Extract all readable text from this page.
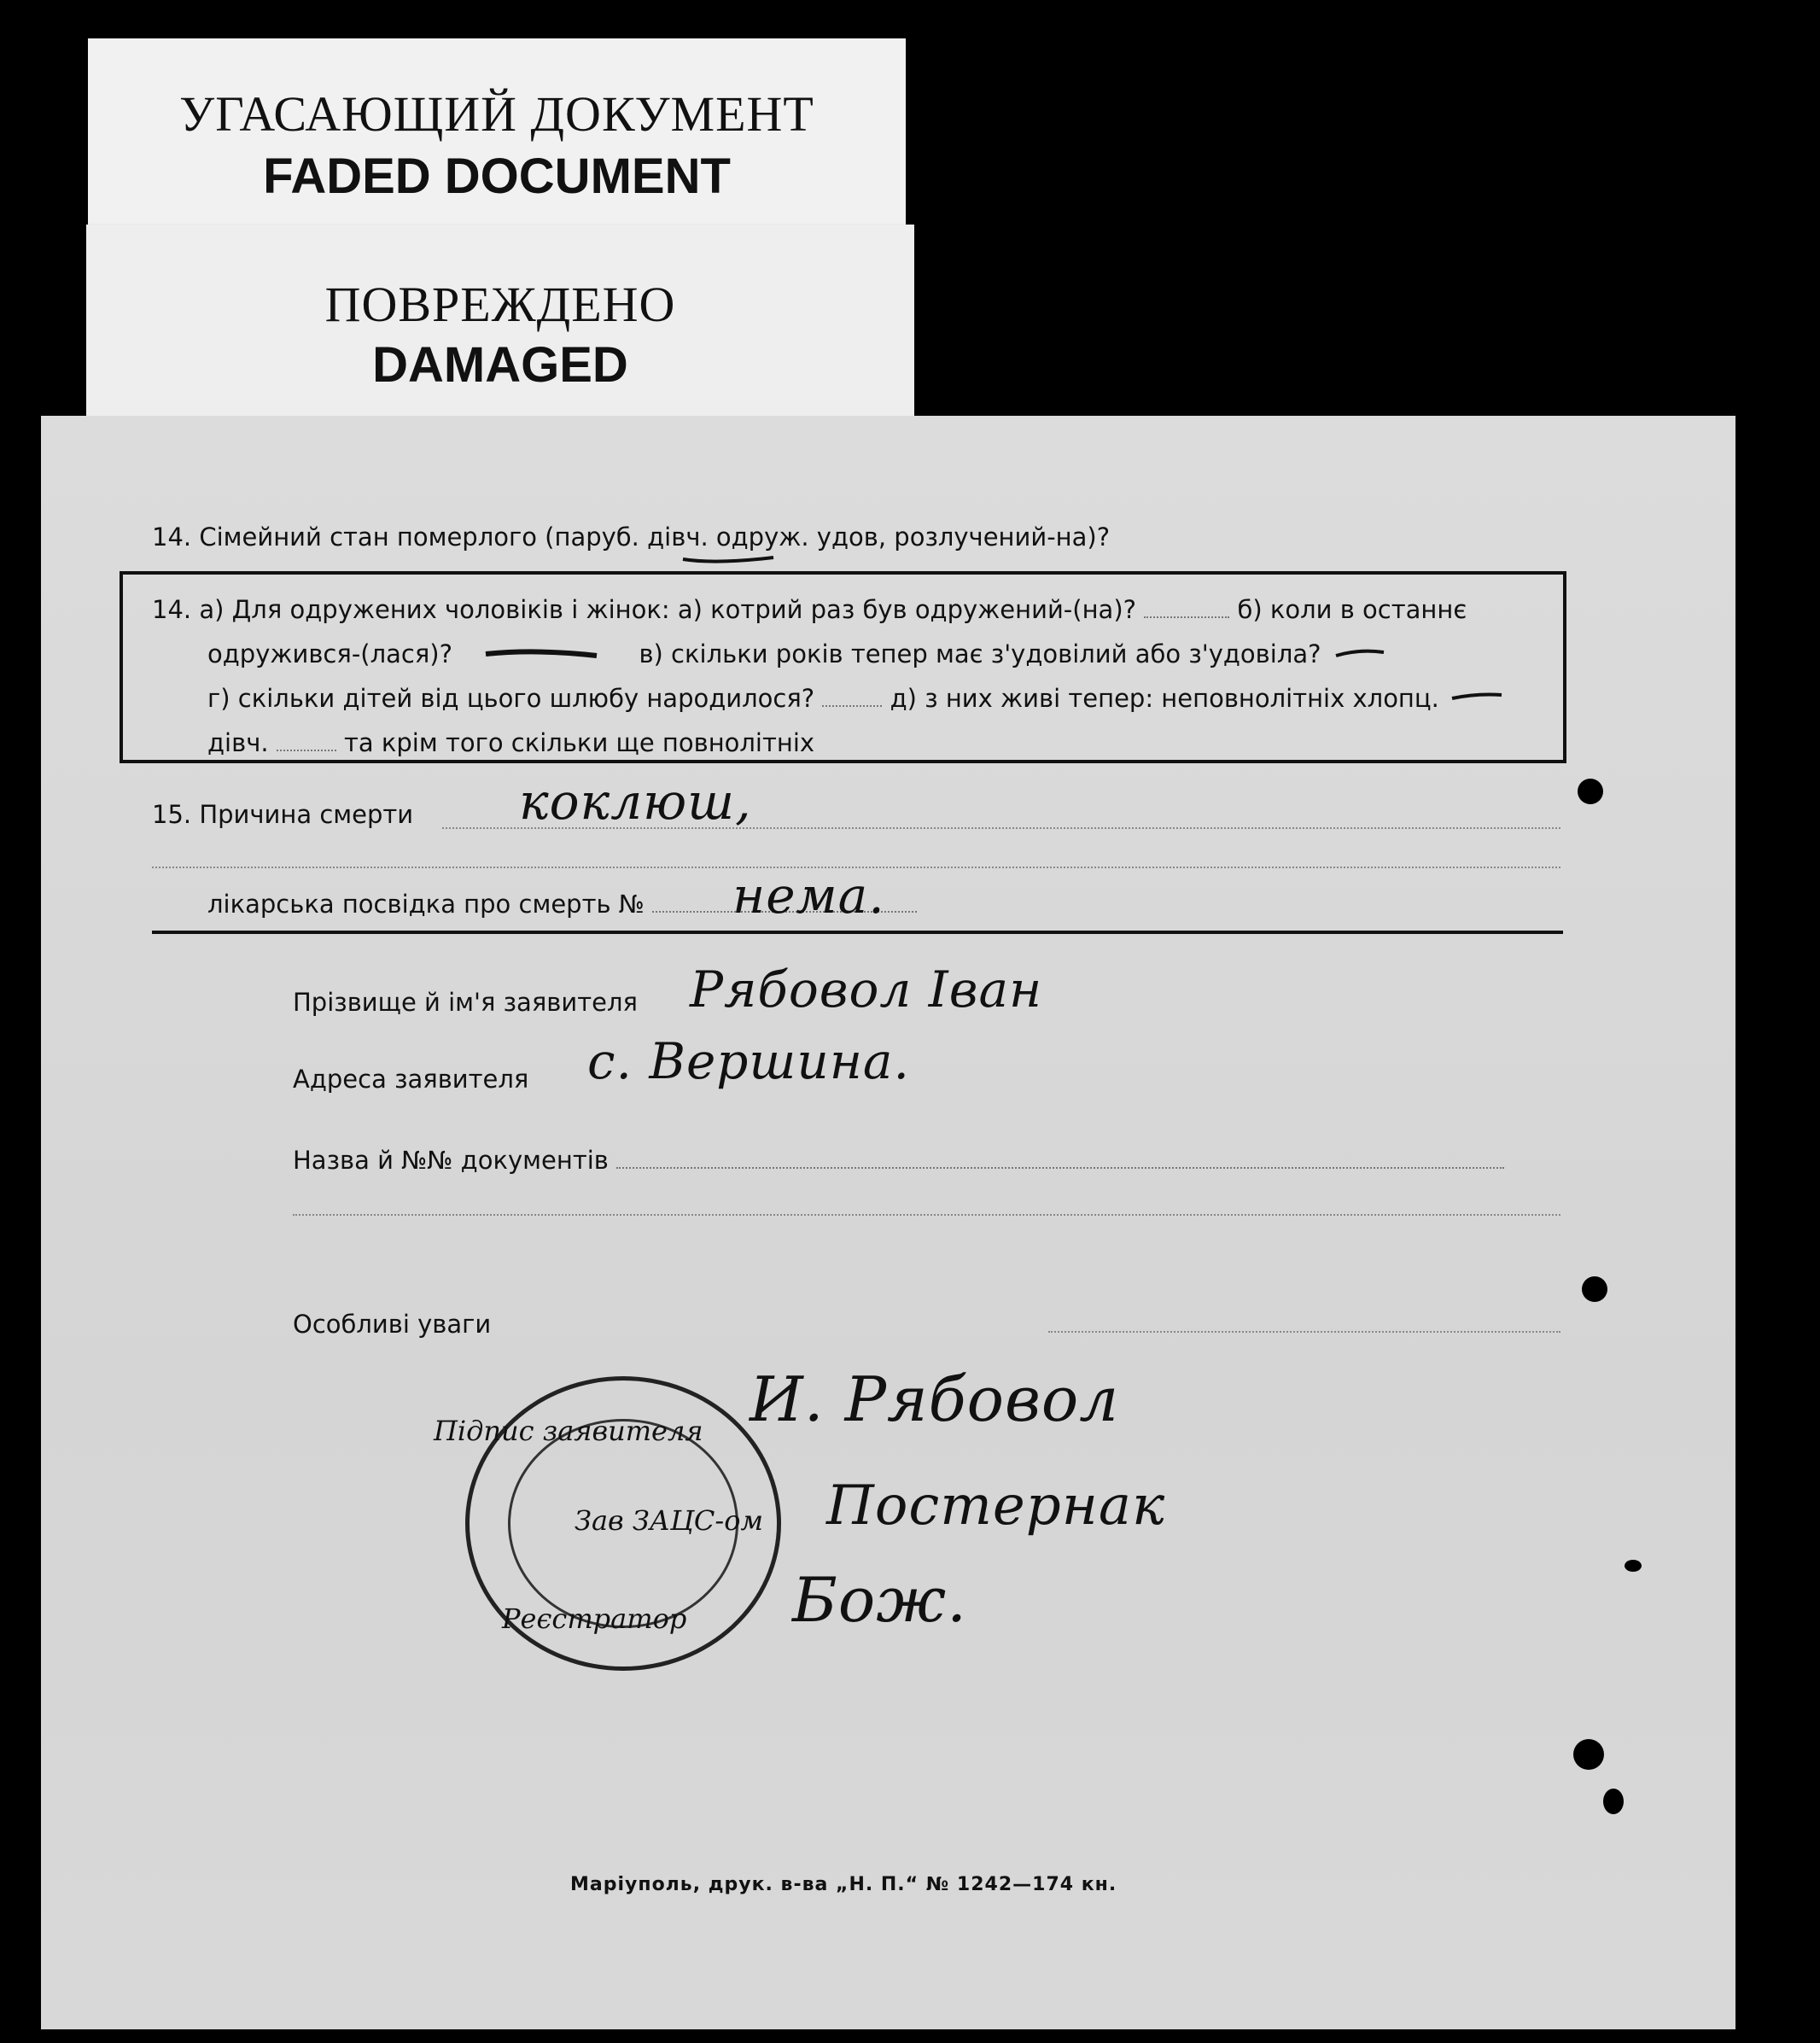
УГАСАЮЩИЙ ДОКУМЕНТ
FADED DOCUMENT
ПОВРЕЖДЕНО
DAMAGED
14. Сімейний стан померлого (паруб. дівч. одруж. удов, розлучений-на)?
14. а) Для одружених чоловіків і жінок: а) котрий раз був одружений-(на)?	б) коли в останнє
одружився-(лася)?	в) скільки років тепер має з'удовілий або з'удовіла?
г) скільки дітей від цього шлюбу народилося?	д) з них живі тепер: неповнолітніх хлопц.
дівч.	та крім того скільки ще повнолітніх
15. Причина смерти коклюш,
лікарська посвідка про смерть №	нема.
Прізвище й ім'я заявителя Рябовол Іван
Адреса заявителя с. Вершина.
Назва й №№ документів
Особливі уваги
Підпис заявителя И. Рябовол
Зав ЗАЦС-ом Постернак
Реєстратор Бож.
Маріуполь, друк. в-ва „Н. П.“ № 1242—174 кн.
